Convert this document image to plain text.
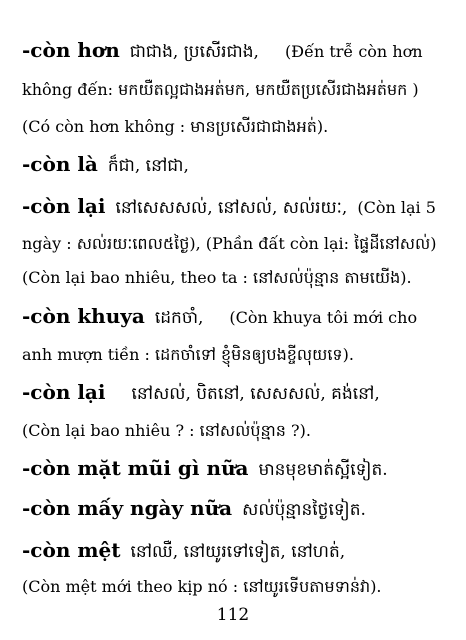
-còn hơn ជាជាង, ប្រសើរជាង, (Đến trễ còn hơn
không đến: មកយឺតល្អជាងអត់មក, មកយឺតប្រសើរជាងអត់មក )
(Có còn hơn không : មានប្រសើរជាជាងអត់).
-còn là ក៏ជា, នៅជា,
-còn lại នៅសេសសល់, នៅសល់, សល់រយៈ, (Còn lại 5
ngày : សល់រយៈពេល៥ថ្ងៃ), (Phần đất còn lại: ផ្ទៃដីនៅសល់)
(Còn lại bao nhiêu, theo ta : នៅសល់ប៉ុន្មាន តាមយើង).
-còn khuya ដេកចាំ, (Còn khuya tôi mới cho
anh mượn tiền : ដេកចាំទៅ ខ្ញុំមិនឲ្យបងខ្ចីលុយទេ).
-còn lại នៅសល់, បិតនៅ, សេសសល់, គង់នៅ,
(Còn lại bao nhiêu ? : នៅសល់ប៉ុន្មាន ?).
-còn mặt mũi gì nữa មានមុខមាត់ស្អីទៀត.
-còn mấy ngày nữa សល់ប៉ុន្មានថ្ងៃទៀត.
-còn mệt នៅឈឺ, នៅយូរទៅទៀត, នៅហត់,
(Còn mệt mới theo kịp nó : នៅយូរទើបតាមទាន់វា).
112
